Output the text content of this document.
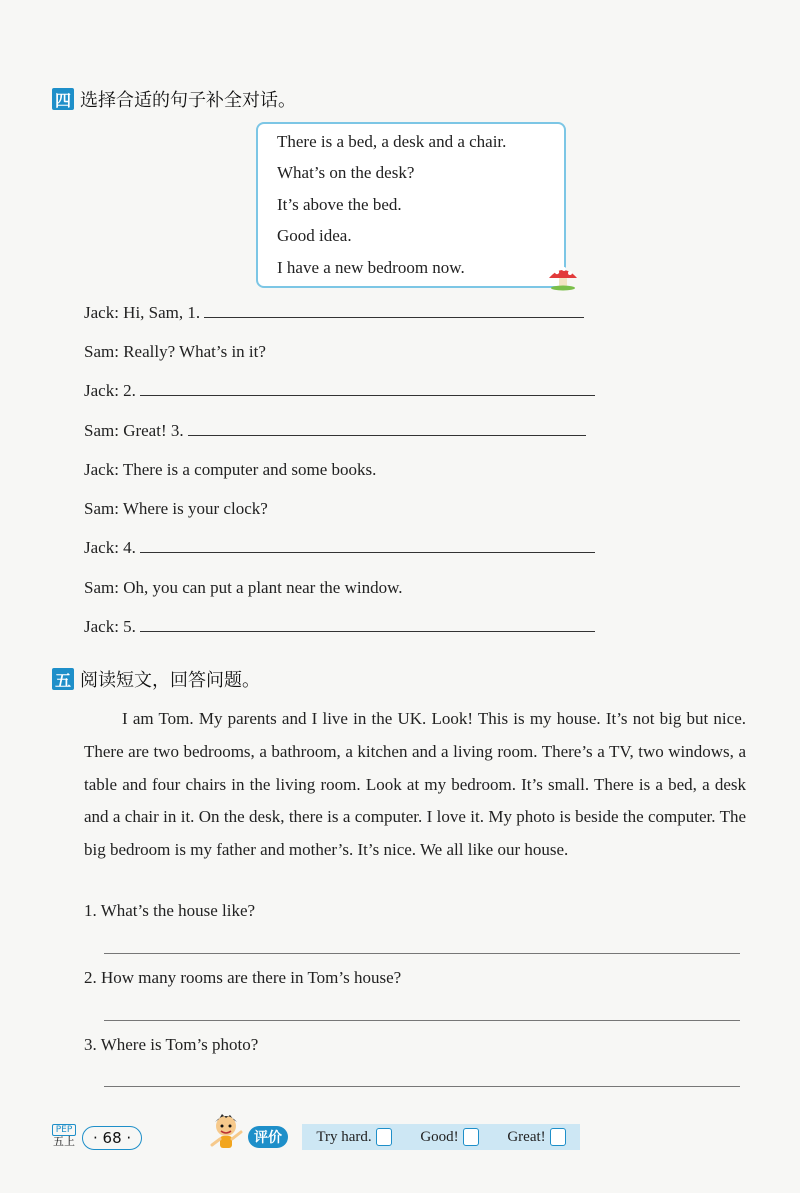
四 选择合适的句子补全对话。
There is a bed, a desk and a chair.
What’s on the desk?
It’s above the bed.
Good idea.
I have a new bedroom now.
Jack: Hi, Sam, 1.
Sam: Really? What’s in it?
Jack: 2.
Sam: Great! 3.
Jack: There is a computer and some books.
Sam: Where is your clock?
Jack: 4.
Sam: Oh, you can put a plant near the window.
Jack: 5.
五 阅读短文，回答问题。

I am Tom. My parents and I live in the UK. Look! This is my house. It’s not big but nice. There are two bedrooms, a bathroom, a kitchen and a living room. There’s a TV, two windows, a table and four chairs in the living room. Look at my bedroom. It’s small. There is a bed, a desk and a chair in it. On the desk, there is a computer. I love it. My photo is beside the computer. The big bedroom is my father and mother’s. It’s nice. We all like our house.

1. What’s the house like?
2. How many rooms are there in Tom’s house?
3. Where is Tom’s photo?
PEP
五上	· 68 ·	评价	Try hard.	Good!	Great!
